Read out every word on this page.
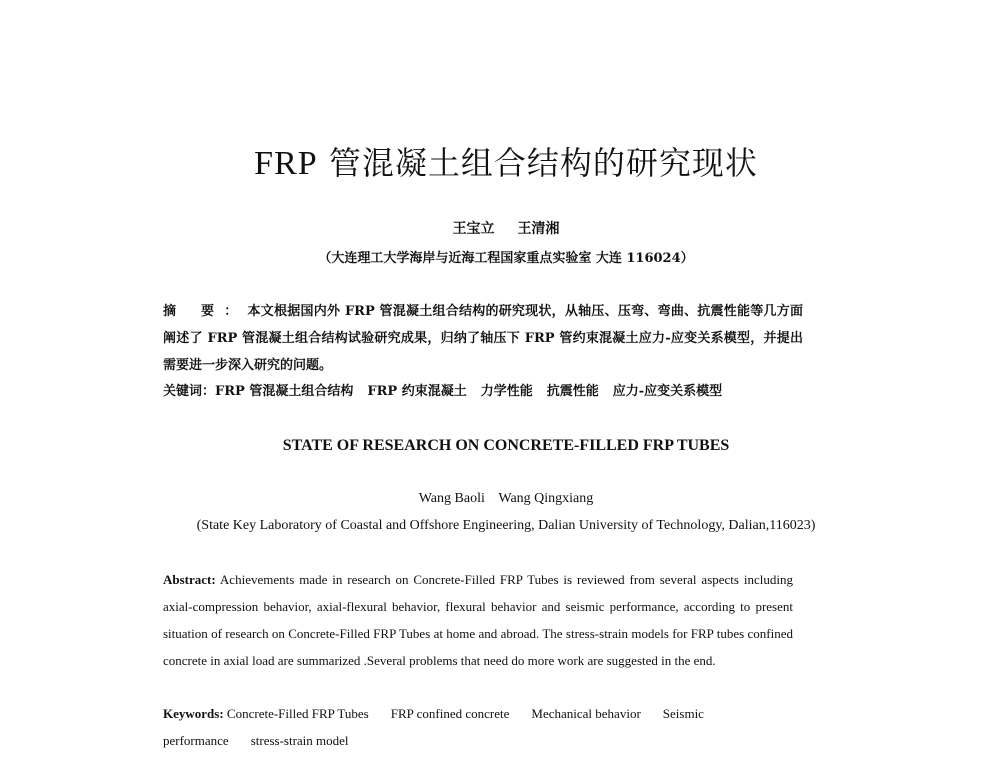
FRP 管混凝土组合结构的研究现状
王宝立 王清湘
（大连理工大学海岸与近海工程国家重点实验室 大连 116024）
摘 要：本文根据国内外 FRP 管混凝土组合结构的研究现状，从轴压、压弯、弯曲、抗震性能等几方面阐述了 FRP 管混凝土组合结构试验研究成果，归纳了轴压下 FRP 管约束混凝土应力-应变关系模型，并提出需要进一步深入研究的问题。
关键词：FRP 管混凝土组合结构 FRP 约束混凝土 力学性能 抗震性能 应力-应变关系模型
STATE OF RESEARCH ON CONCRETE-FILLED FRP TUBES
Wang Baoli Wang Qingxiang
(State Key Laboratory of Coastal and Offshore Engineering, Dalian University of Technology, Dalian,116023)
Abstract: Achievements made in research on Concrete-Filled FRP Tubes is reviewed from several aspects including axial-compression behavior, axial-flexural behavior, flexural behavior and seismic performance, according to present situation of research on Concrete-Filled FRP Tubes at home and abroad. The stress-strain models for FRP tubes confined concrete in axial load are summarized .Several problems that need do more work are suggested in the end.
Keywords: Concrete-Filled FRP Tubes FRP confined concrete Mechanical behavior Seismic performance stress-strain model
